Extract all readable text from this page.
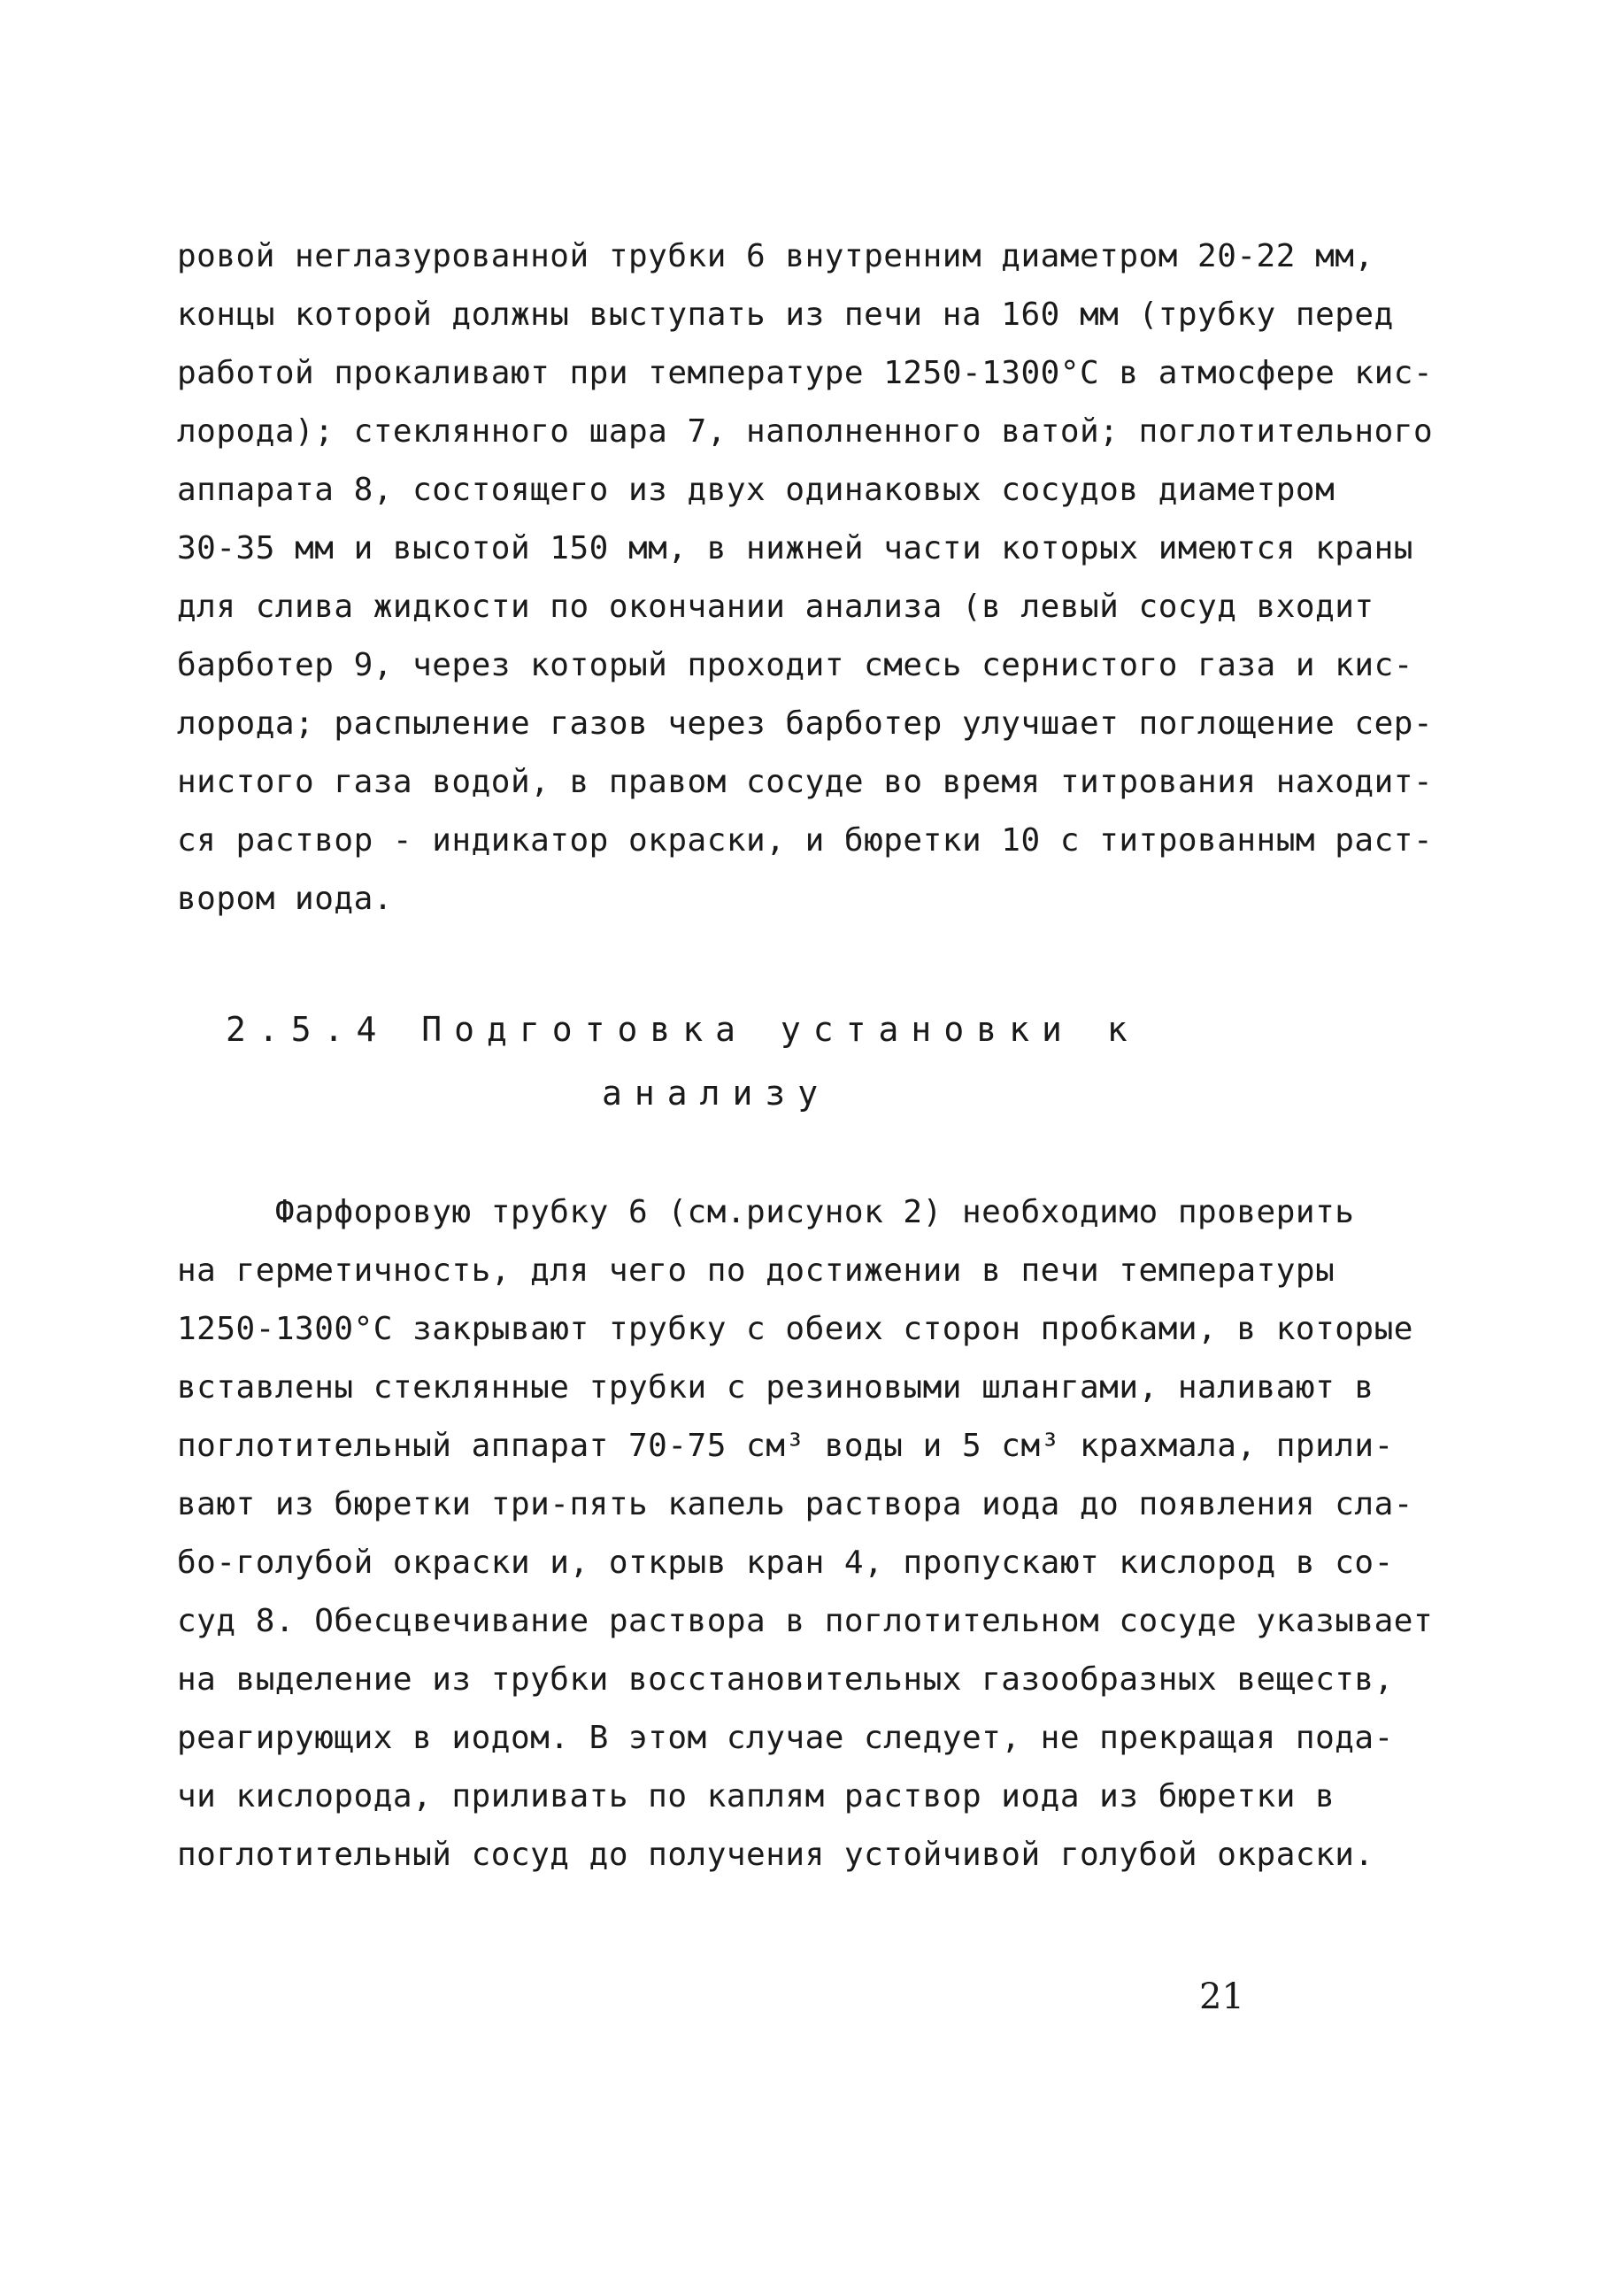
ровой неглазурованной трубки 6 внутренним диаметром 20-22 мм,
концы которой должны выступать из печи на 160 мм (трубку перед
работой прокаливают при температуре 1250-1300°С в атмосфере кис-
лорода); стеклянного шара 7, наполненного ватой; поглотительного
аппарата 8, состоящего из двух одинаковых сосудов диаметром
30-35 мм и высотой 150 мм, в нижней части которых имеются краны
для слива жидкости по окончании анализа (в левый сосуд входит
барботер 9, через который проходит смесь сернистого газа и кис-
лорода; распыление газов через барботер улучшает поглощение сер-
нистого газа водой, в правом сосуде во время титрования находит-
ся раствор - индикатор окраски, и бюретки 10 с титрованным раст-
вором иода.
2.5.4 Подготовка установки к
анализу
Фарфоровую трубку 6 (см.рисунок 2) необходимо проверить
на герметичность, для чего по достижении в печи температуры
1250-1300°С закрывают трубку с обеих сторон пробками, в которые
вставлены стеклянные трубки с резиновыми шлангами, наливают в
поглотительный аппарат 70-75 см³ воды и 5 см³ крахмала, прили-
вают из бюретки три-пять капель раствора иода до появления сла-
бо-голубой окраски и, открыв кран 4, пропускают кислород в со-
суд 8. Обесцвечивание раствора в поглотительном сосуде указывает
на выделение из трубки восстановительных газообразных веществ,
реагирующих в иодом. В этом случае следует, не прекращая пода-
чи кислорода, приливать по каплям раствор иода из бюретки в
поглотительный сосуд до получения устойчивой голубой окраски.
21
